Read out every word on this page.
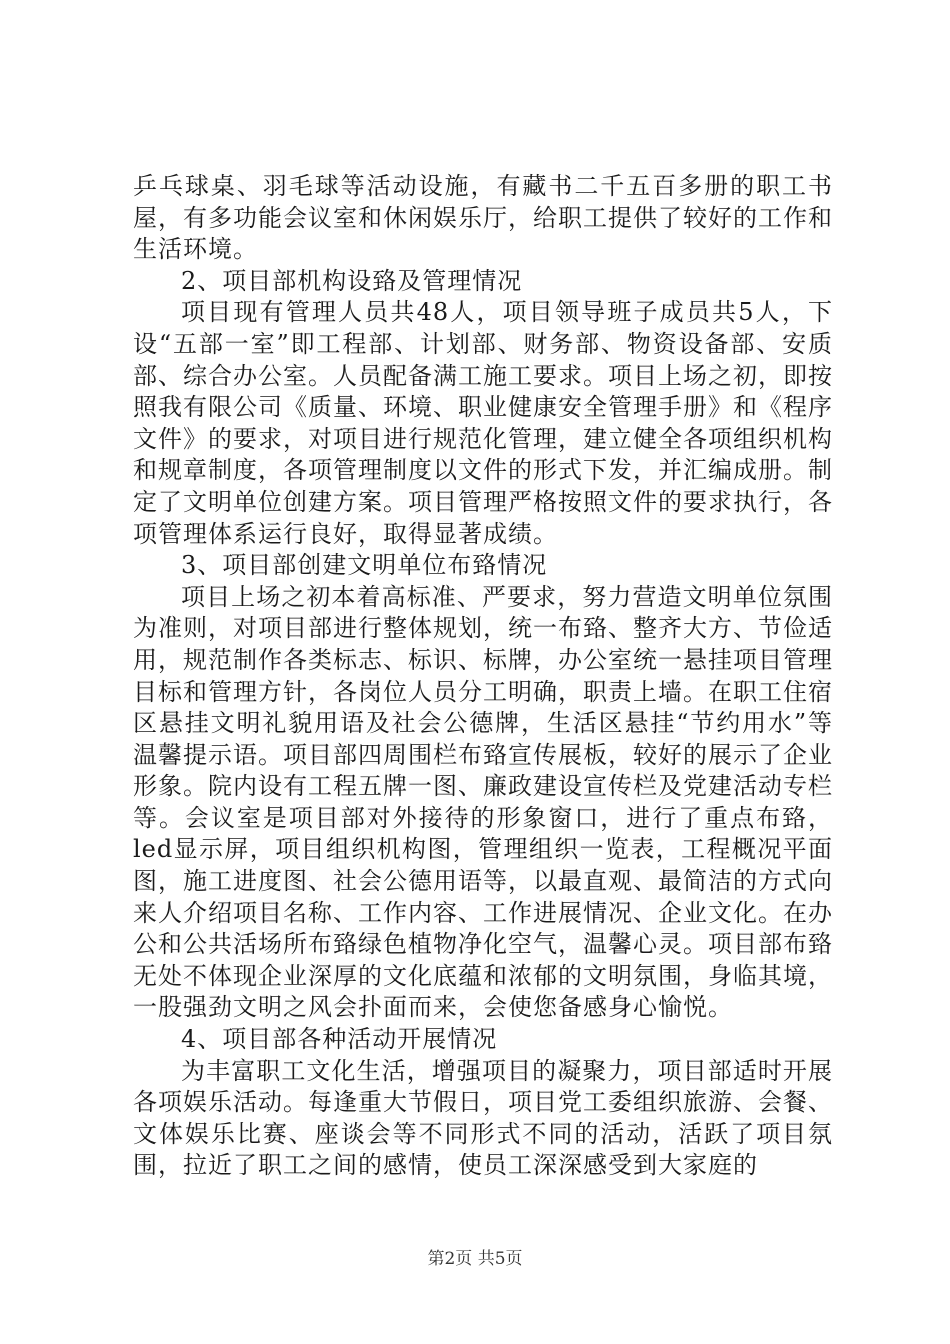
乒乓球桌、羽毛球等活动设施，有藏书二千五百多册的职工书屋，有多功能会议室和休闲娱乐厅，给职工提供了较好的工作和生活环境。

2、项目部机构设臵及管理情况

项目现有管理人员共48人，项目领导班子成员共5人，下设“五部一室”即工程部、计划部、财务部、物资设备部、安质部、综合办公室。人员配备满工施工要求。项目上场之初，即按照我有限公司《质量、环境、职业健康安全管理手册》和《程序文件》的要求，对项目进行规范化管理，建立健全各项组织机构和规章制度，各项管理制度以文件的形式下发，并汇编成册。制定了文明单位创建方案。项目管理严格按照文件的要求执行，各项管理体系运行良好，取得显著成绩。

3、项目部创建文明单位布臵情况

项目上场之初本着高标准、严要求，努力营造文明单位氛围为准则，对项目部进行整体规划，统一布臵、整齐大方、节俭适用，规范制作各类标志、标识、标牌，办公室统一悬挂项目管理目标和管理方针，各岗位人员分工明确，职责上墙。在职工住宿区悬挂文明礼貌用语及社会公德牌，生活区悬挂“节约用水”等温馨提示语。项目部四周围栏布臵宣传展板，较好的展示了企业形象。院内设有工程五牌一图、廉政建设宣传栏及党建活动专栏等。会议室是项目部对外接待的形象窗口，进行了重点布臵，led显示屏，项目组织机构图，管理组织一览表，工程概况平面图，施工进度图、社会公德用语等，以最直观、最简洁的方式向来人介绍项目名称、工作内容、工作进展情况、企业文化。在办公和公共活场所布臵绿色植物净化空气，温馨心灵。项目部布臵无处不体现企业深厚的文化底蕴和浓郁的文明氛围，身临其境，一股强劲文明之风会扑面而来，会使您备感身心愉悦。

4、项目部各种活动开展情况

为丰富职工文化生活，增强项目的凝聚力，项目部适时开展各项娱乐活动。每逢重大节假日，项目党工委组织旅游、会餐、文体娱乐比赛、座谈会等不同形式不同的活动，活跃了项目氛围，拉近了职工之间的感情，使员工深深感受到大家庭的

第2页 共5页
